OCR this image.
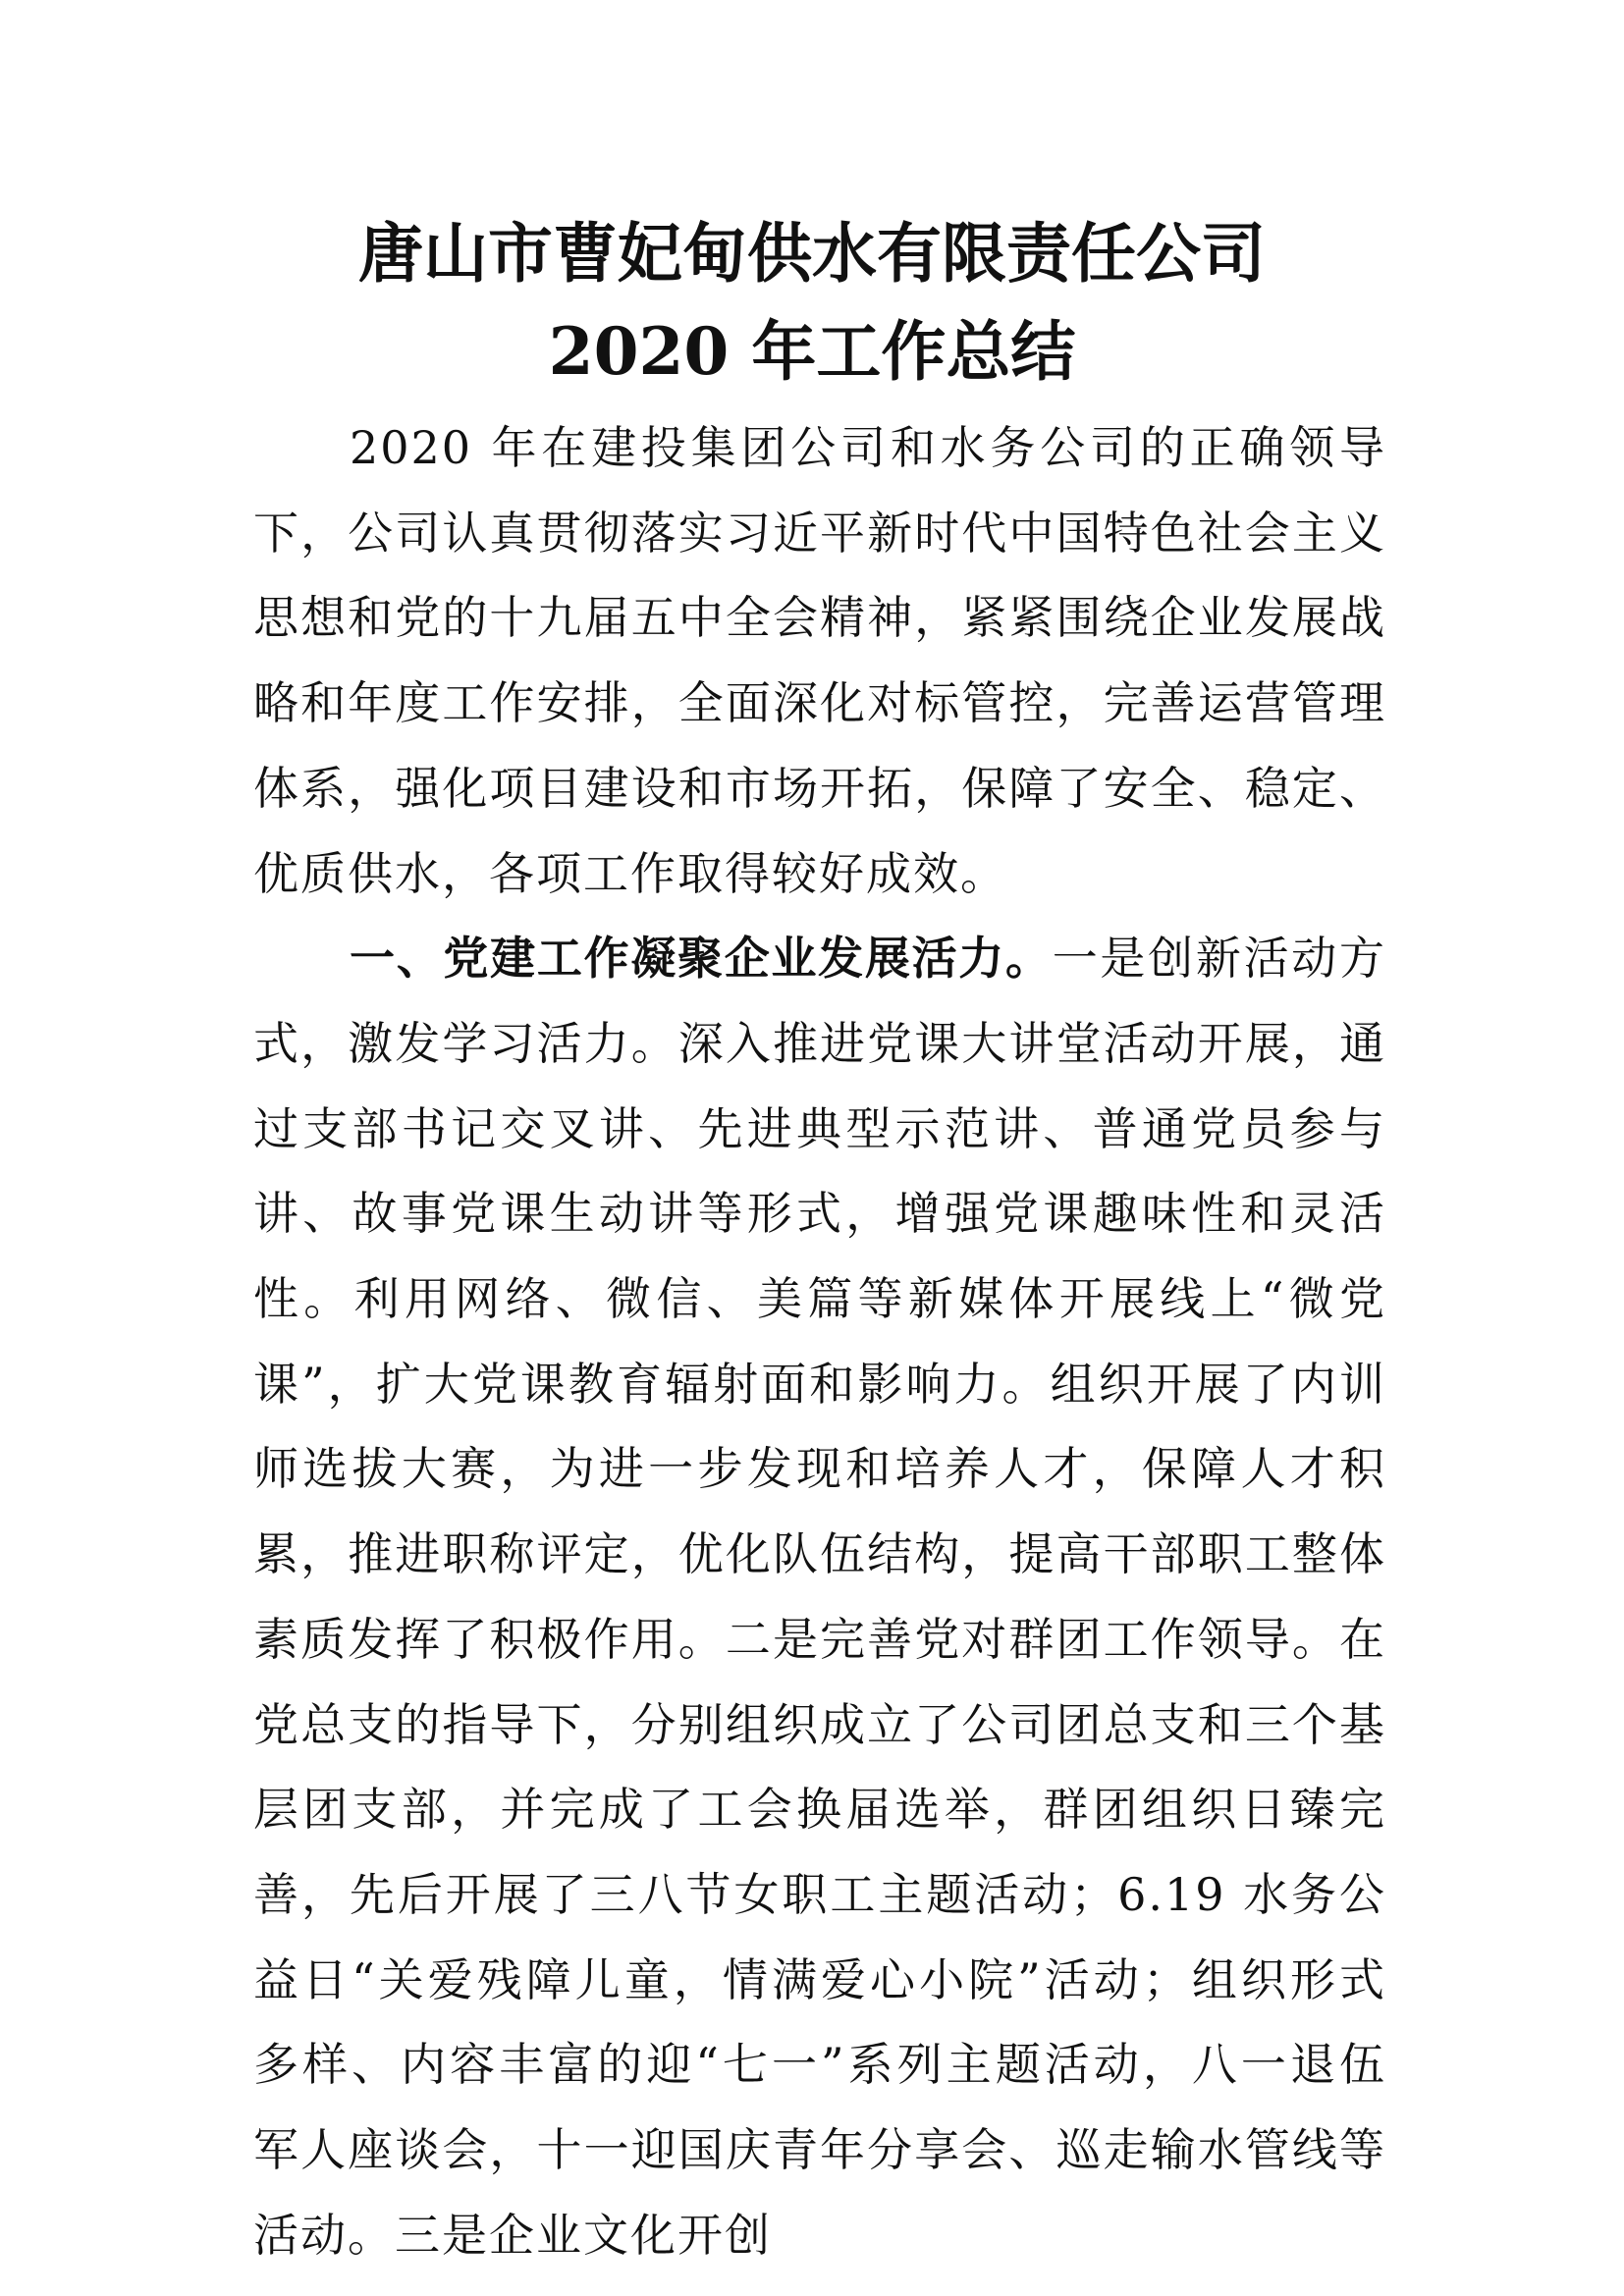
唐山市曹妃甸供水有限责任公司
2020 年工作总结

2020 年在建投集团公司和水务公司的正确领导下，公司认真贯彻落实习近平新时代中国特色社会主义思想和党的十九届五中全会精神，紧紧围绕企业发展战略和年度工作安排，全面深化对标管控，完善运营管理体系，强化项目建设和市场开拓，保障了安全、稳定、优质供水，各项工作取得较好成效。

一、党建工作凝聚企业发展活力。一是创新活动方式，激发学习活力。深入推进党课大讲堂活动开展，通过支部书记交叉讲、先进典型示范讲、普通党员参与讲、故事党课生动讲等形式，增强党课趣味性和灵活性。利用网络、微信、美篇等新媒体开展线上“微党课”，扩大党课教育辐射面和影响力。组织开展了内训师选拔大赛，为进一步发现和培养人才，保障人才积累，推进职称评定，优化队伍结构，提高干部职工整体素质发挥了积极作用。二是完善党对群团工作领导。在党总支的指导下，分别组织成立了公司团总支和三个基层团支部，并完成了工会换届选举，群团组织日臻完善，先后开展了三八节女职工主题活动；6.19 水务公益日“关爱残障儿童，情满爱心小院”活动；组织形式多样、内容丰富的迎“七一”系列主题活动，八一退伍军人座谈会，十一迎国庆青年分享会、巡走输水管线等活动。三是企业文化开创
